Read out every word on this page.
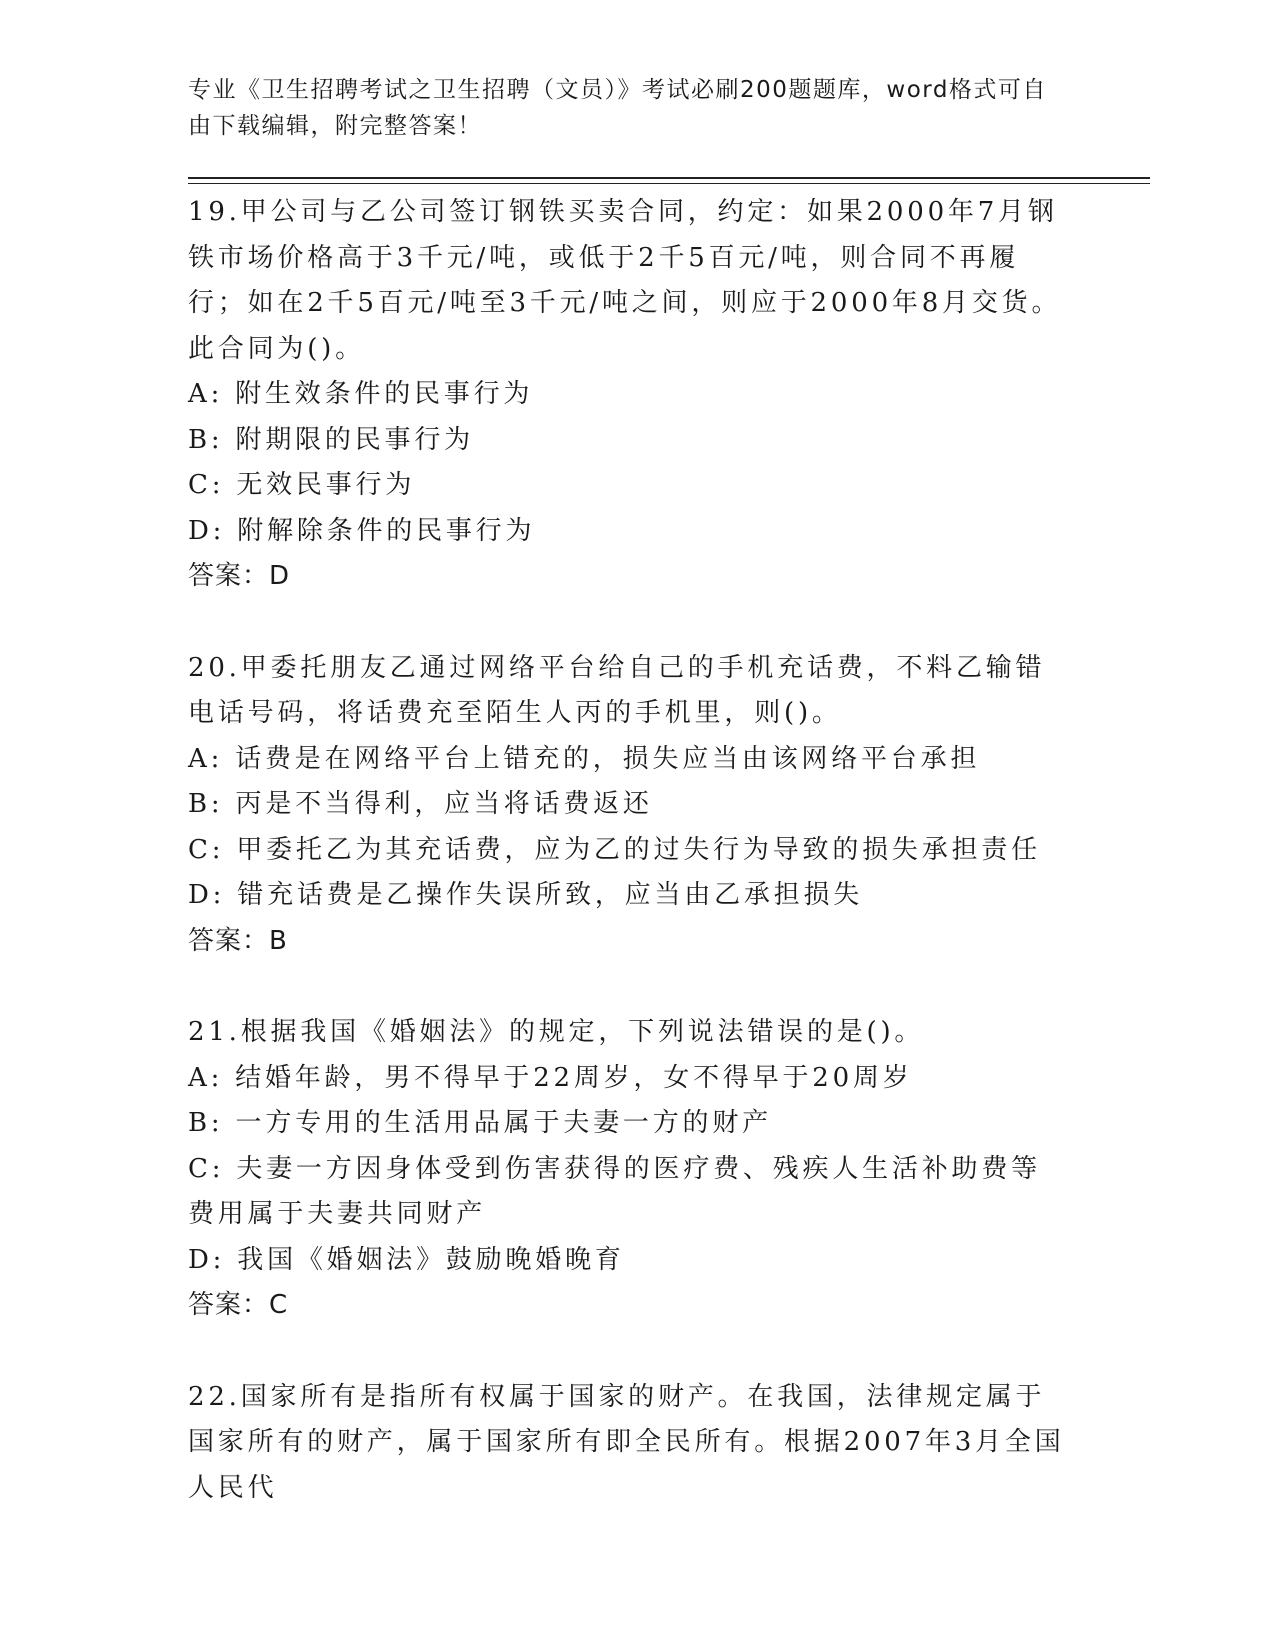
专业《卫生招聘考试之卫生招聘（文员）》考试必刷200题题库，word格式可自由下载编辑，附完整答案！

19.甲公司与乙公司签订钢铁买卖合同，约定：如果2000年7月钢铁市场价格高于3千元/吨，或低于2千5百元/吨，则合同不再履行；如在2千5百元/吨至3千元/吨之间，则应于2000年8月交货。此合同为()。

A: 附生效条件的民事行为

B: 附期限的民事行为

C: 无效民事行为

D: 附解除条件的民事行为

答案：D

20.甲委托朋友乙通过网络平台给自己的手机充话费，不料乙输错电话号码，将话费充至陌生人丙的手机里，则()。

A: 话费是在网络平台上错充的，损失应当由该网络平台承担

B: 丙是不当得利，应当将话费返还

C: 甲委托乙为其充话费，应为乙的过失行为导致的损失承担责任

D: 错充话费是乙操作失误所致，应当由乙承担损失

答案：B

21.根据我国《婚姻法》的规定，下列说法错误的是()。

A: 结婚年龄，男不得早于22周岁，女不得早于20周岁

B: 一方专用的生活用品属于夫妻一方的财产

C: 夫妻一方因身体受到伤害获得的医疗费、残疾人生活补助费等费用属于夫妻共同财产

D: 我国《婚姻法》鼓励晚婚晚育

答案：C

22.国家所有是指所有权属于国家的财产。在我国，法律规定属于国家所有的财产，属于国家所有即全民所有。根据2007年3月全国人民代
